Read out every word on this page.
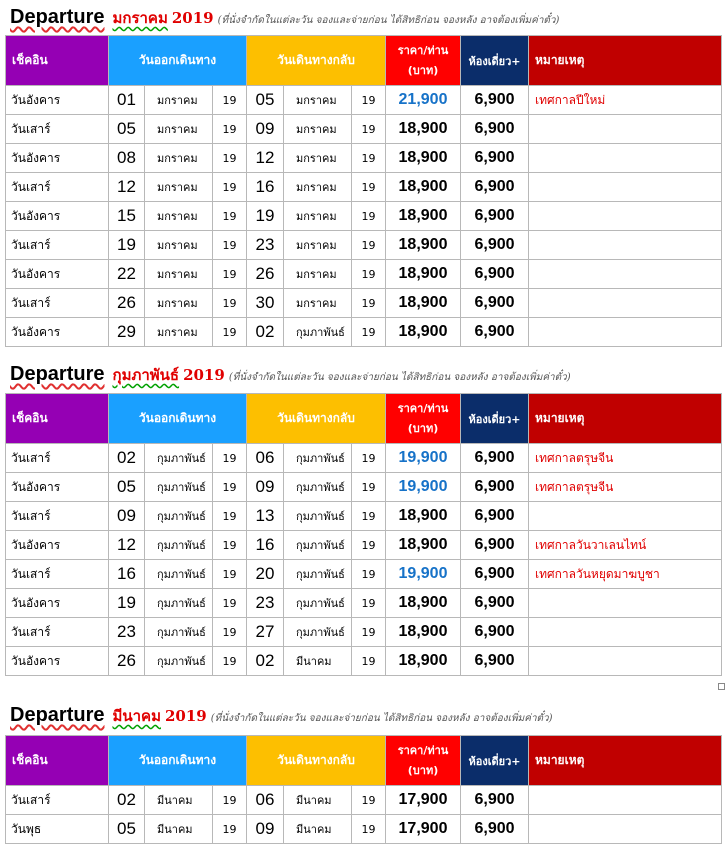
Departure มกราคม 2019 (ที่นั่งจำกัดในแต่ละวัน จองและจ่ายก่อน ได้สิทธิก่อน จองหลัง อาจต้องเพิ่มค่าตั๋ว)
เช็คอิน	วันออกเดินทาง			วันเดินทางกลับ			ราคา/ท่าน (บาท)	ห้องเดี่ยว+	หมายเหตุ
วันอังคาร	01	มกราคม	19	05	มกราคม	19	21,900	6,900	เทศกาลปีใหม่
วันเสาร์	05	มกราคม	19	09	มกราคม	19	18,900	6,900	
วันอังคาร	08	มกราคม	19	12	มกราคม	19	18,900	6,900	
วันเสาร์	12	มกราคม	19	16	มกราคม	19	18,900	6,900	
วันอังคาร	15	มกราคม	19	19	มกราคม	19	18,900	6,900	
วันเสาร์	19	มกราคม	19	23	มกราคม	19	18,900	6,900	
วันอังคาร	22	มกราคม	19	26	มกราคม	19	18,900	6,900	
วันเสาร์	26	มกราคม	19	30	มกราคม	19	18,900	6,900	
วันอังคาร	29	มกราคม	19	02	กุมภาพันธ์	19	18,900	6,900	
Departure กุมภาพันธ์ 2019 (ที่นั่งจำกัดในแต่ละวัน จองและจ่ายก่อน ได้สิทธิก่อน จองหลัง อาจต้องเพิ่มค่าตั๋ว)
เช็คอิน	วันออกเดินทาง			วันเดินทางกลับ			ราคา/ท่าน (บาท)	ห้องเดี่ยว+	หมายเหตุ
วันเสาร์	02	กุมภาพันธ์	19	06	กุมภาพันธ์	19	19,900	6,900	เทศกาลตรุษจีน
วันอังคาร	05	กุมภาพันธ์	19	09	กุมภาพันธ์	19	19,900	6,900	เทศกาลตรุษจีน
วันเสาร์	09	กุมภาพันธ์	19	13	กุมภาพันธ์	19	18,900	6,900	
วันอังคาร	12	กุมภาพันธ์	19	16	กุมภาพันธ์	19	18,900	6,900	เทศกาลวันวาเลนไทน์
วันเสาร์	16	กุมภาพันธ์	19	20	กุมภาพันธ์	19	19,900	6,900	เทศกาลวันหยุดมาฆบูชา
วันอังคาร	19	กุมภาพันธ์	19	23	กุมภาพันธ์	19	18,900	6,900	
วันเสาร์	23	กุมภาพันธ์	19	27	กุมภาพันธ์	19	18,900	6,900	
วันอังคาร	26	กุมภาพันธ์	19	02	มีนาคม	19	18,900	6,900	
Departure มีนาคม 2019 (ที่นั่งจำกัดในแต่ละวัน จองและจ่ายก่อน ได้สิทธิก่อน จองหลัง อาจต้องเพิ่มค่าตั๋ว)
เช็คอิน	วันออกเดินทาง			วันเดินทางกลับ			ราคา/ท่าน (บาท)	ห้องเดี่ยว+	หมายเหตุ
วันเสาร์	02	มีนาคม	19	06	มีนาคม	19	17,900	6,900	
วันพุธ	05	มีนาคม	19	09	มีนาคม	19	17,900	6,900	
